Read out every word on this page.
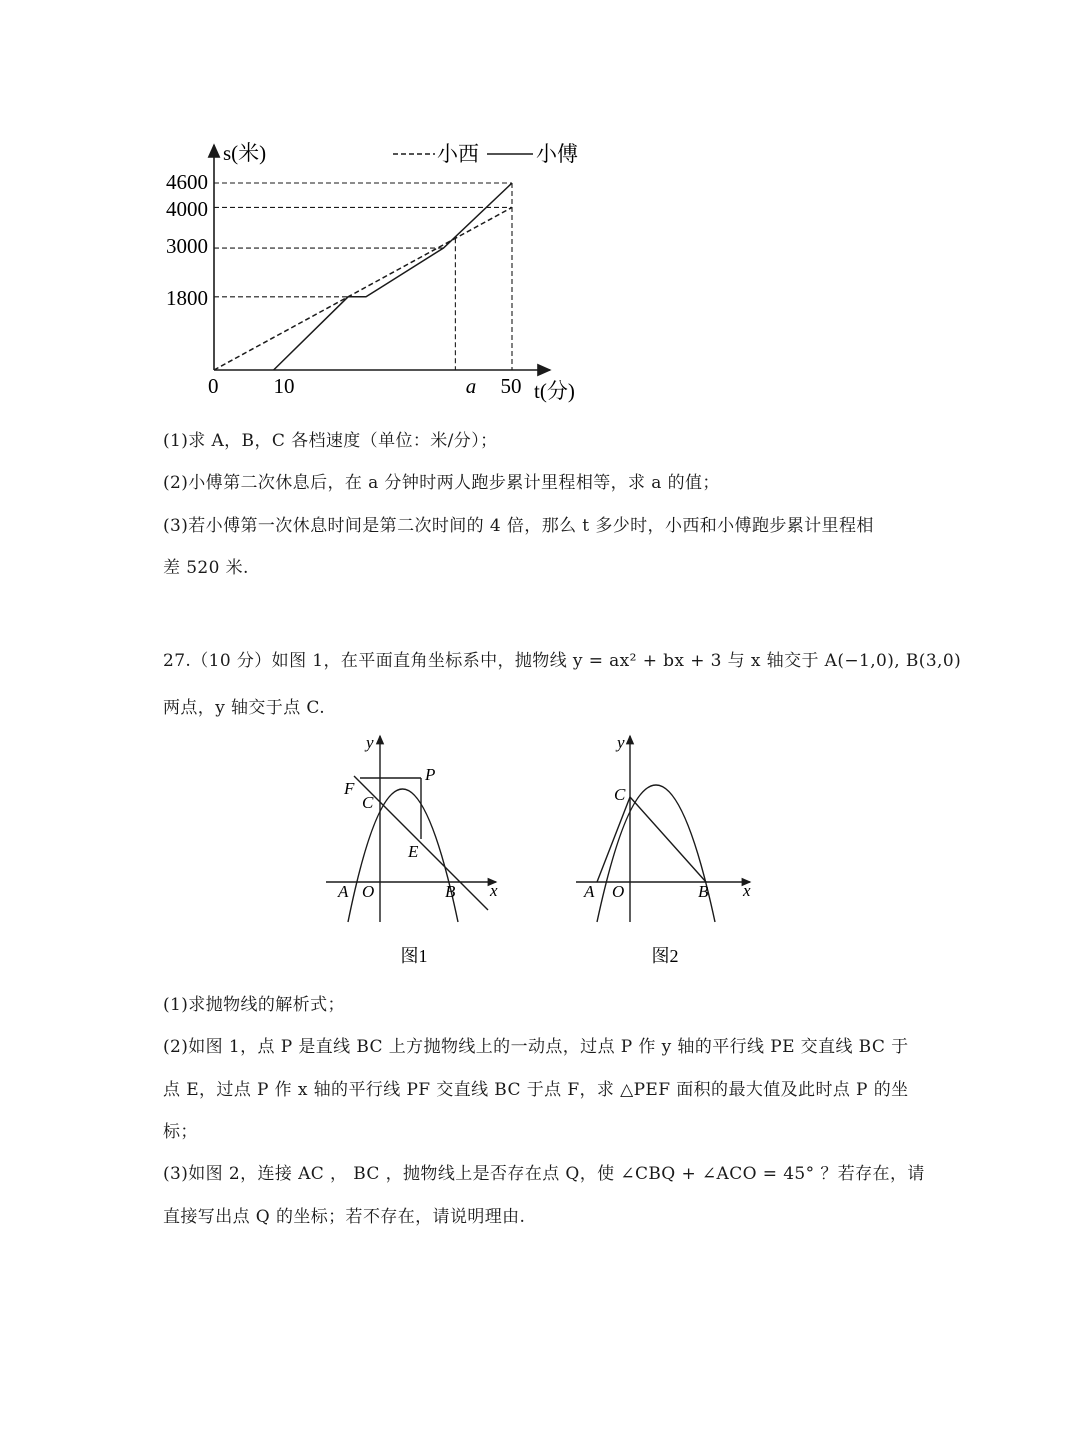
s(米)
4600
4000
3000
1800
0	10	a 50 t(分)
小西	小傅
(1)求 A，B，C 各档速度（单位：米/分）；
(2)小傅第二次休息后，在 a 分钟时两人跑步累计里程相等，求 a 的值；
(3)若小傅第一次休息时间是第二次时间的 4 倍，那么 t 多少时，小西和小傅跑步累计里程相
差 520 米.
27.（10 分）如图 1，在平面直角坐标系中，抛物线 y = ax² + bx + 3 与 x 轴交于 A(−1,0), B(3,0)
两点，y 轴交于点 C.
y
x
P
F
C
E
A O	B
图1
y
x
C
A O	B
图2
(1)求抛物线的解析式；
(2)如图 1，点 P 是直线 BC 上方抛物线上的一动点，过点 P 作 y 轴的平行线 PE 交直线 BC 于
点 E，过点 P 作 x 轴的平行线 PF 交直线 BC 于点 F，求 △PEF 面积的最大值及此时点 P 的坐
标；
(3)如图 2，连接 AC ， BC ，抛物线上是否存在点 Q，使 ∠CBQ + ∠ACO = 45° ？若存在，请
直接写出点 Q 的坐标；若不存在，请说明理由.
